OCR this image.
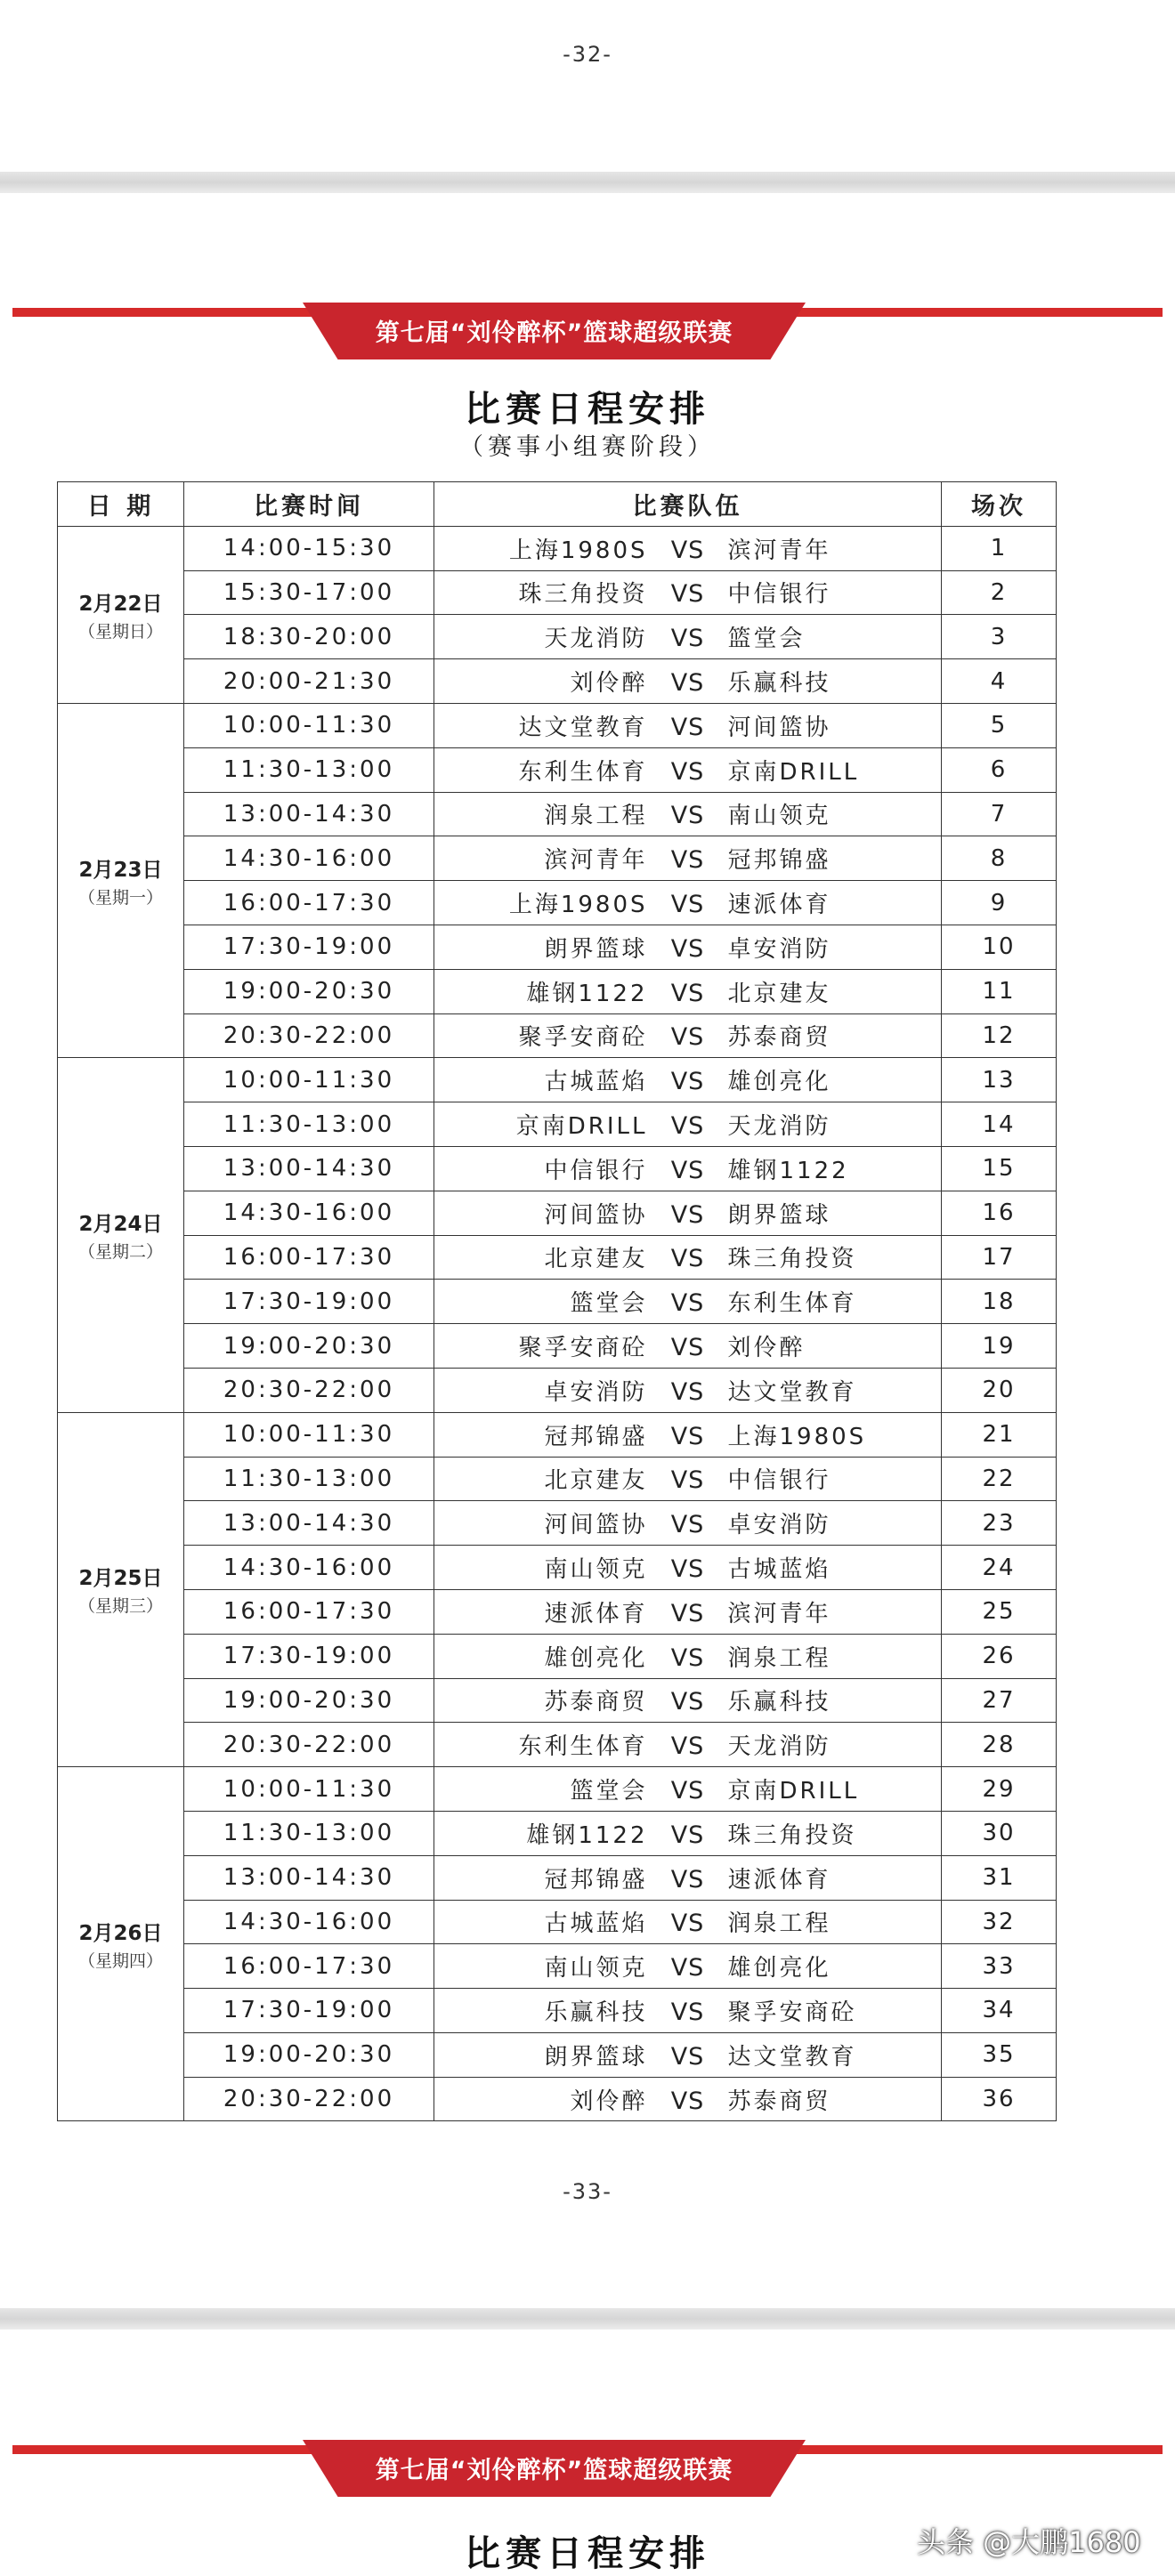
-32-
第七届“刘伶醉杯”篮球超级联赛
比赛日程安排
（赛事小组赛阶段）
日 期	比赛时间	比赛队伍	场次

2月22日
（星期日）	14:00-15:30	上海1980S VS 滨河青年	1
	15:30-17:00	珠三角投资 VS 中信银行	2
	18:30-20:00	天龙消防 VS 篮堂会	3
	20:00-21:30	刘伶醉 VS 乐赢科技	4

2月23日
（星期一）	10:00-11:30	达文堂教育 VS 河间篮协	5
	11:30-13:00	东利生体育 VS 京南DRILL	6
	13:00-14:30	润泉工程 VS 南山领克	7
	14:30-16:00	滨河青年 VS 冠邦锦盛	8
	16:00-17:30	上海1980S VS 速派体育	9
	17:30-19:00	朗界篮球 VS 卓安消防	10
	19:00-20:30	雄钢1122 VS 北京建友	11
	20:30-22:00	聚孚安商砼 VS 苏泰商贸	12

2月24日
（星期二）	10:00-11:30	古城蓝焰 VS 雄创亮化	13
	11:30-13:00	京南DRILL VS 天龙消防	14
	13:00-14:30	中信银行 VS 雄钢1122	15
	14:30-16:00	河间篮协 VS 朗界篮球	16
	16:00-17:30	北京建友 VS 珠三角投资	17
	17:30-19:00	篮堂会 VS 东利生体育	18
	19:00-20:30	聚孚安商砼 VS 刘伶醉	19
	20:30-22:00	卓安消防 VS 达文堂教育	20

2月25日
（星期三）	10:00-11:30	冠邦锦盛 VS 上海1980S	21
	11:30-13:00	北京建友 VS 中信银行	22
	13:00-14:30	河间篮协 VS 卓安消防	23
	14:30-16:00	南山领克 VS 古城蓝焰	24
	16:00-17:30	速派体育 VS 滨河青年	25
	17:30-19:00	雄创亮化 VS 润泉工程	26
	19:00-20:30	苏泰商贸 VS 乐赢科技	27
	20:30-22:00	东利生体育 VS 天龙消防	28

2月26日
（星期四）	10:00-11:30	篮堂会 VS 京南DRILL	29
	11:30-13:00	雄钢1122 VS 珠三角投资	30
	13:00-14:30	冠邦锦盛 VS 速派体育	31
	14:30-16:00	古城蓝焰 VS 润泉工程	32
	16:00-17:30	南山领克 VS 雄创亮化	33
	17:30-19:00	乐赢科技 VS 聚孚安商砼	34
	19:00-20:30	朗界篮球 VS 达文堂教育	35
	20:30-22:00	刘伶醉 VS 苏泰商贸	36
-33-
第七届“刘伶醉杯”篮球超级联赛
比赛日程安排	头条 @大鹏1680
